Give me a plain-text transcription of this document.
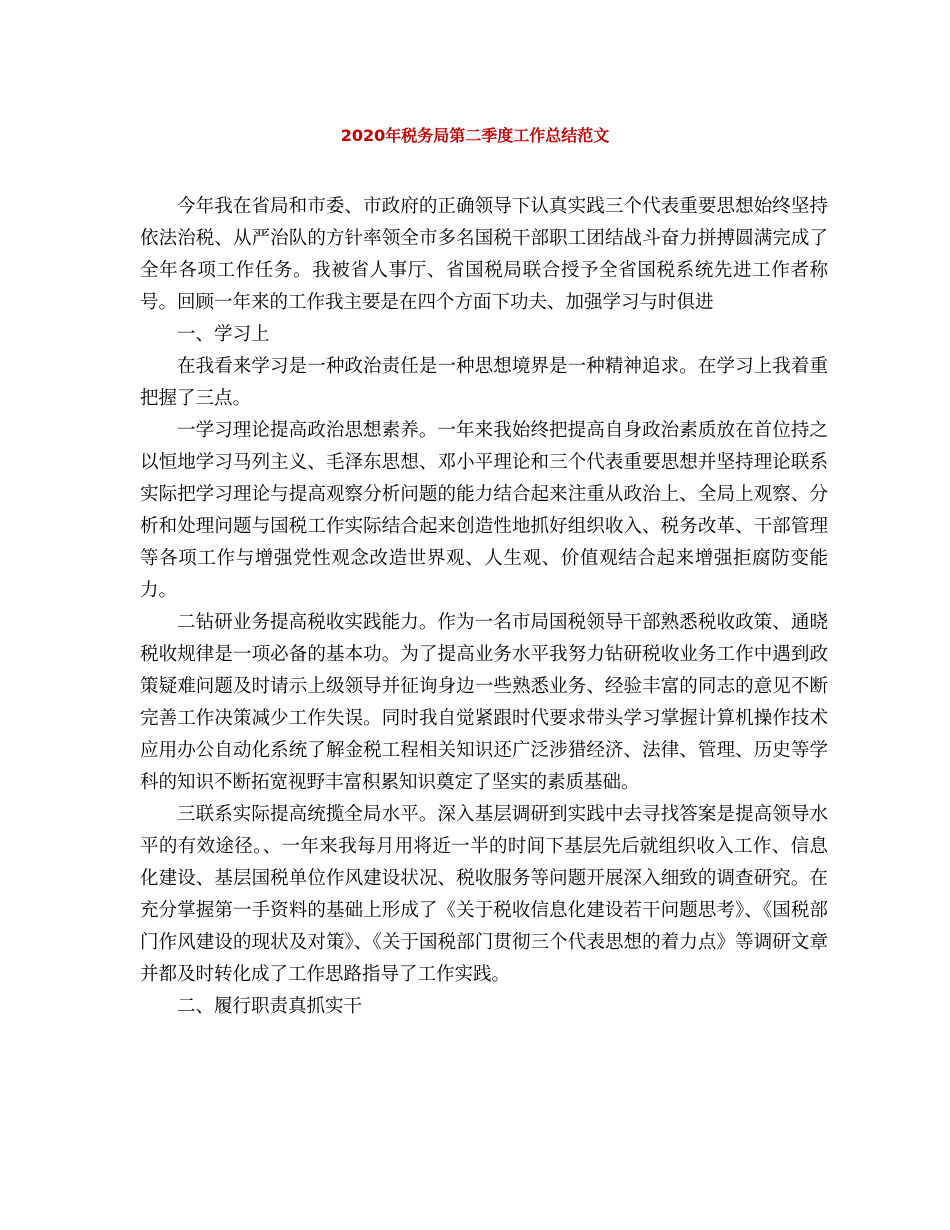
2020年税务局第二季度工作总结范文

今年我在省局和市委、市政府的正确领导下认真实践三个代表重要思想始终坚持依法治税、从严治队的方针率领全市多名国税干部职工团结战斗奋力拼搏圆满完成了全年各项工作任务。我被省人事厅、省国税局联合授予全省国税系统先进工作者称号。回顾一年来的工作我主要是在四个方面下功夫、加强学习与时俱进

一、学习上

在我看来学习是一种政治责任是一种思想境界是一种精神追求。在学习上我着重把握了三点。

一学习理论提高政治思想素养。一年来我始终把提高自身政治素质放在首位持之以恒地学习马列主义、毛泽东思想、邓小平理论和三个代表重要思想并坚持理论联系实际把学习理论与提高观察分析问题的能力结合起来注重从政治上、全局上观察、分析和处理问题与国税工作实际结合起来创造性地抓好组织收入、税务改革、干部管理等各项工作与增强党性观念改造世界观、人生观、价值观结合起来增强拒腐防变能力。

二钻研业务提高税收实践能力。作为一名市局国税领导干部熟悉税收政策、通晓税收规律是一项必备的基本功。为了提高业务水平我努力钻研税收业务工作中遇到政策疑难问题及时请示上级领导并征询身边一些熟悉业务、经验丰富的同志的意见不断完善工作决策减少工作失误。同时我自觉紧跟时代要求带头学习掌握计算机操作技术应用办公自动化系统了解金税工程相关知识还广泛涉猎经济、法律、管理、历史等学科的知识不断拓宽视野丰富积累知识奠定了坚实的素质基础。

三联系实际提高统揽全局水平。深入基层调研到实践中去寻找答案是提高领导水平的有效途径。、一年来我每月用将近一半的时间下基层先后就组织收入工作、信息化建设、基层国税单位作风建设状况、税收服务等问题开展深入细致的调查研究。在充分掌握第一手资料的基础上形成了《关于税收信息化建设若干问题思考》、《国税部门作风建设的现状及对策》、《关于国税部门贯彻三个代表思想的着力点》等调研文章并都及时转化成了工作思路指导了工作实践。

二、履行职责真抓实干
